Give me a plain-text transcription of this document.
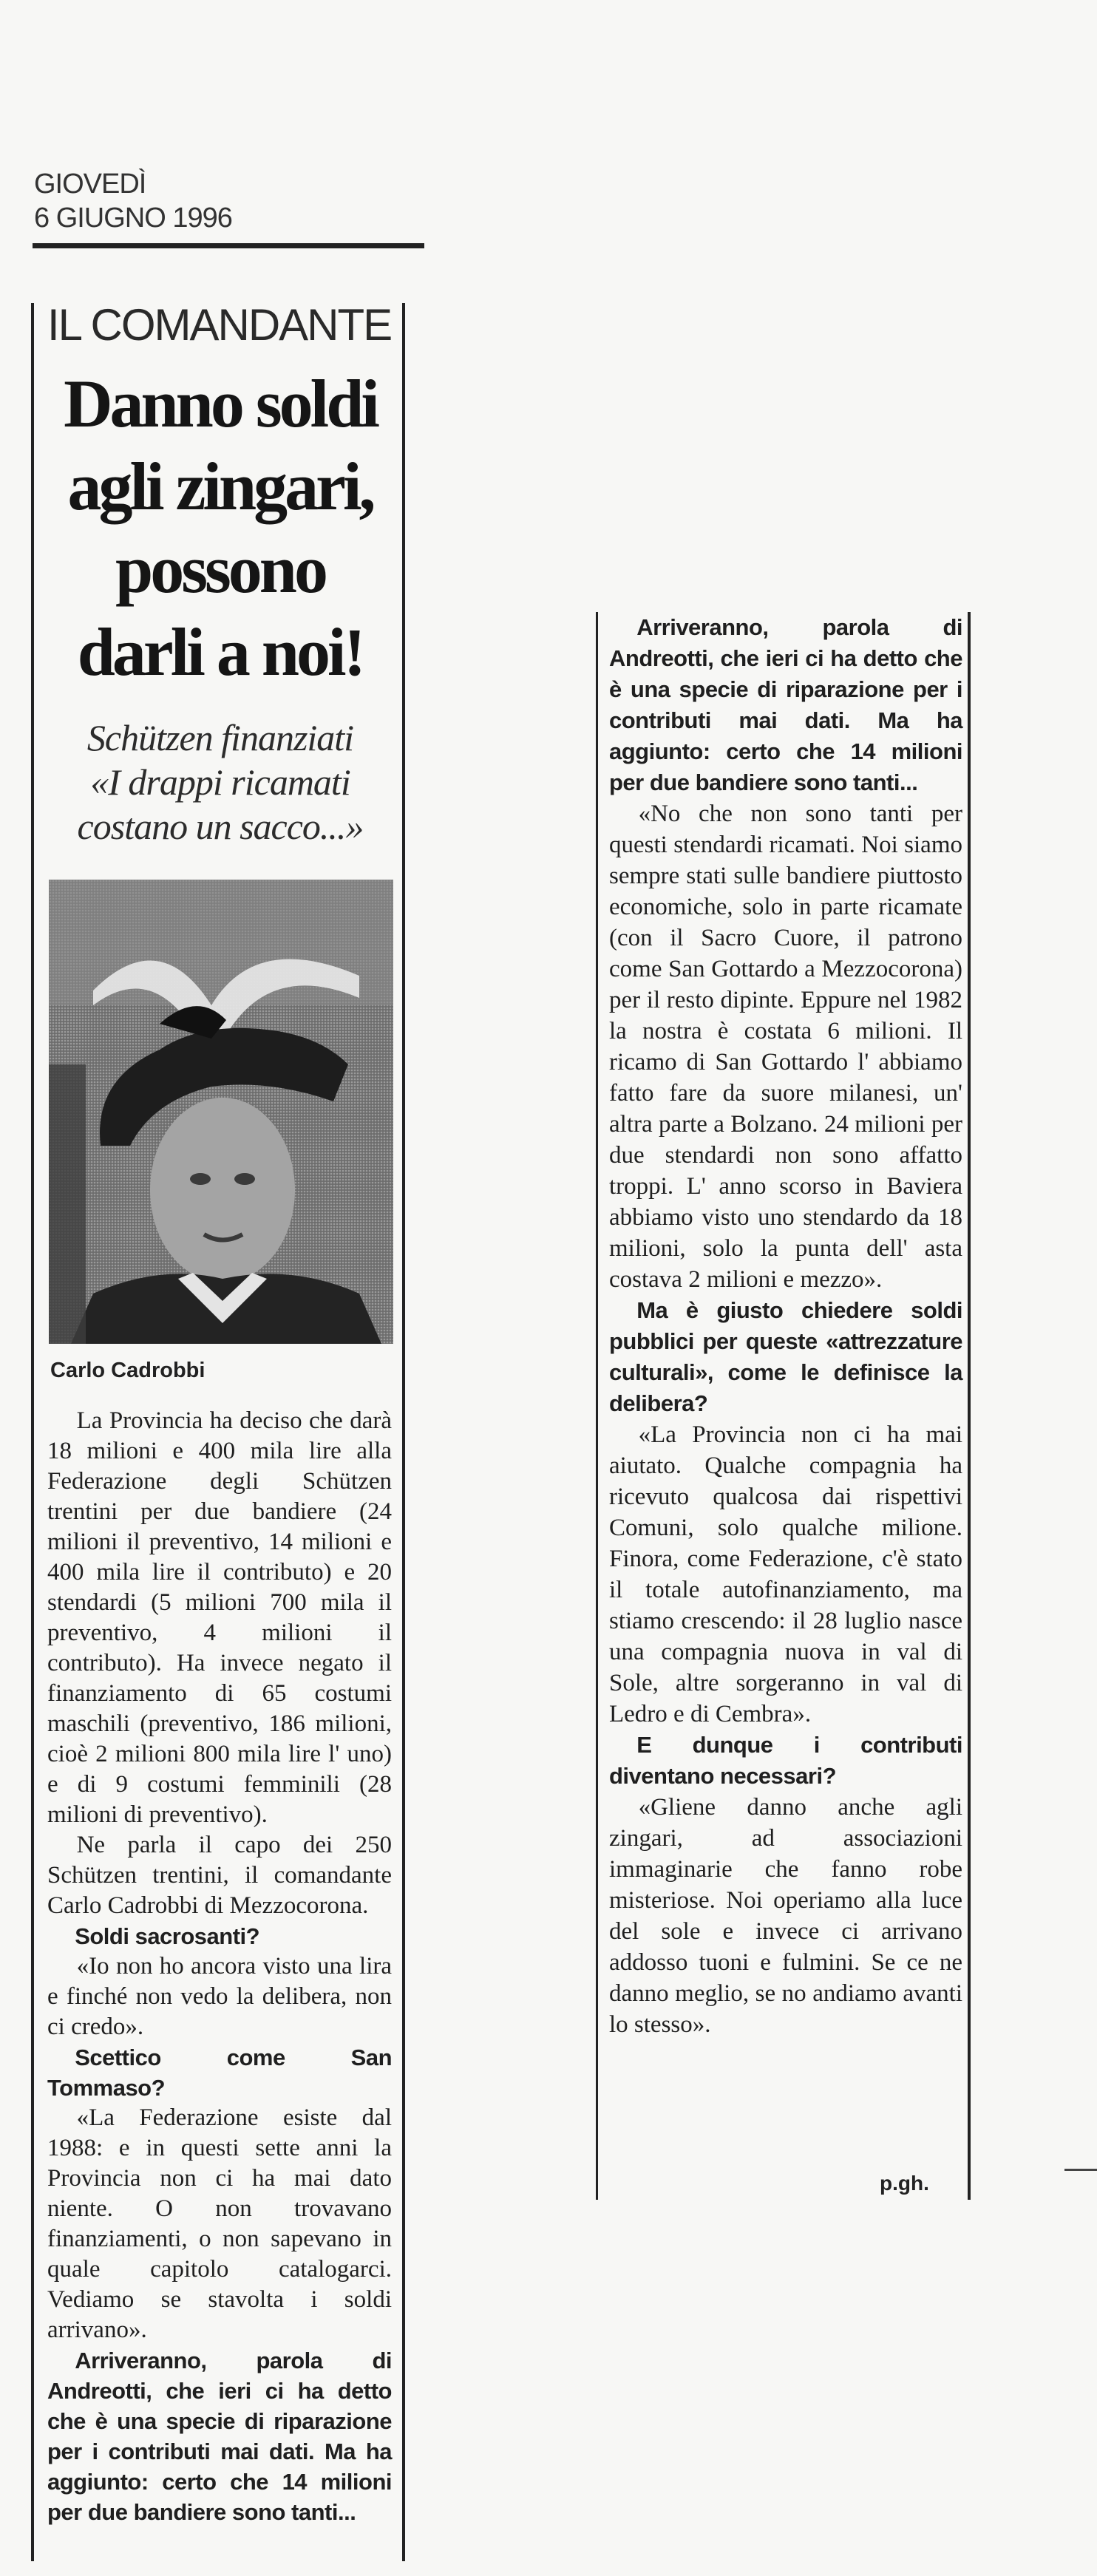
GIOVEDÌ
6 GIUGNO 1996
IL COMANDANTE
Danno soldi
agli zingari,
possono
darli a noi!
Schützen finanziati
«I drappi ricamati
costano un sacco...»
Carlo Cadrobbi

La Provincia ha deciso che darà 18 milioni e 400 mila lire alla Federazione degli Schützen trentini per due bandiere (24 milioni il preventivo, 14 milioni e 400 mila lire il contributo) e 20 stendardi (5 milioni 700 mila il preventivo, 4 milioni il contributo). Ha invece negato il finanziamento di 65 costumi maschili (preventivo, 186 milioni, cioè 2 milioni 800 mila lire l' uno) e di 9 costumi femminili (28 milioni di preventivo).

Ne parla il capo dei 250 Schützen trentini, il comandante Carlo Cadrobbi di Mezzocorona.

Soldi sacrosanti?

«Io non ho ancora visto una lira e finché non vedo la delibera, non ci credo».

Scettico come San Tommaso?

«La Federazione esiste dal 1988: e in questi sette anni la Provincia non ci ha mai dato niente. O non trovavano finanziamenti, o non sapevano in quale capitolo catalogarci. Vediamo se stavolta i soldi arrivano».

Arriveranno, parola di Andreotti, che ieri ci ha detto che è una specie di riparazione per i contributi mai dati. Ma ha aggiunto: certo che 14 milioni per due bandiere sono tanti...

Arriveranno, parola di Andreotti, che ieri ci ha detto che è una specie di riparazione per i contributi mai dati. Ma ha aggiunto: certo che 14 milioni per due bandiere sono tanti...

«No che non sono tanti per questi stendardi ricamati. Noi siamo sempre stati sulle bandiere piuttosto economiche, solo in parte ricamate (con il Sacro Cuore, il patrono come San Gottardo a Mezzocorona) per il resto dipinte. Eppure nel 1982 la nostra è costata 6 milioni. Il ricamo di San Gottardo l' abbiamo fatto fare da suore milanesi, un' altra parte a Bolzano. 24 milioni per due stendardi non sono affatto troppi. L' anno scorso in Baviera abbiamo visto uno stendardo da 18 milioni, solo la punta dell' asta costava 2 milioni e mezzo».

Ma è giusto chiedere soldi pubblici per queste «attrezzature culturali», come le definisce la delibera?

«La Provincia non ci ha mai aiutato. Qualche compagnia ha ricevuto qualcosa dai rispettivi Comuni, solo qualche milione. Finora, come Federazione, c'è stato il totale autofinanziamento, ma stiamo crescendo: il 28 luglio nasce una compagnia nuova in val di Sole, altre sorgeranno in val di Ledro e di Cembra».

E dunque i contributi diventano necessari?

«Gliene danno anche agli zingari, ad associazioni immaginarie che fanno robe misteriose. Noi operiamo alla luce del sole e invece ci arrivano addosso tuoni e fulmini. Se ce ne danno meglio, se no andiamo avanti lo stesso».

p.gh.
